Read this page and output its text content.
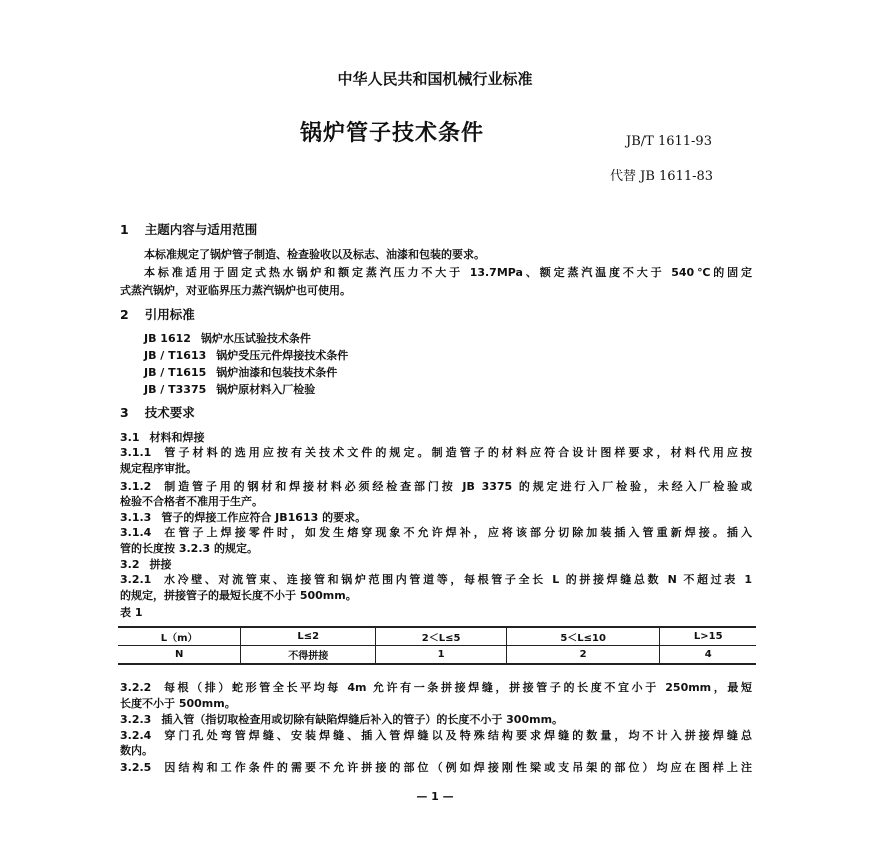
中华人民共和国机械行业标准
锅炉管子技术条件	JB/T 1611-93
代替 JB 1611-83
1 主题内容与适用范围
本标准规定了锅炉管子制造、检查验收以及标志、油漆和包装的要求。
本标准适用于固定式热水锅炉和额定蒸汽压力不大于 13.7MPa、额定蒸汽温度不大于 540℃的固定
式蒸汽锅炉，对亚临界压力蒸汽锅炉也可使用。
2 引用标准
JB 1612 锅炉水压试验技术条件
JB / T1613 锅炉受压元件焊接技术条件
JB / T1615 锅炉油漆和包装技术条件
JB / T3375 锅炉原材料入厂检验
3 技术要求
3.1 材料和焊接
3.1.1 管子材料的选用应按有关技术文件的规定。制造管子的材料应符合设计图样要求，材料代用应按
规定程序审批。
3.1.2 制造管子用的钢材和焊接材料必须经检查部门按 JB 3375 的规定进行入厂检验，未经入厂检验或
检验不合格者不准用于生产。
3.1.3 管子的焊接工作应符合 JB1613 的要求。
3.1.4 在管子上焊接零件时，如发生熔穿现象不允许焊补，应将该部分切除加装插入管重新焊接。插入
管的长度按 3.2.3 的规定。
3.2 拼接
3.2.1 水冷壁、对流管束、连接管和锅炉范围内管道等，每根管子全长 L 的拼接焊缝总数 N 不超过表 1
的规定，拼接管子的最短长度不小于 500mm。
表 1
L（m）	L≤2	2＜L≤5	5＜L≤10	L>15
N	不得拼接	1	2	4
3.2.2 每根（排）蛇形管全长平均每 4m 允许有一条拼接焊缝，拼接管子的长度不宜小于 250mm，最短
长度不小于 500mm。
3.2.3 插入管（指切取检查用或切除有缺陷焊缝后补入的管子）的长度不小于 300mm。
3.2.4 穿门孔处弯管焊缝、安装焊缝、插入管焊缝以及特殊结构要求焊缝的数量，均不计入拼接焊缝总
数内。
3.2.5 因结构和工作条件的需要不允许拼接的部位（例如焊接刚性梁或支吊架的部位）均应在图样上注
— 1 —
